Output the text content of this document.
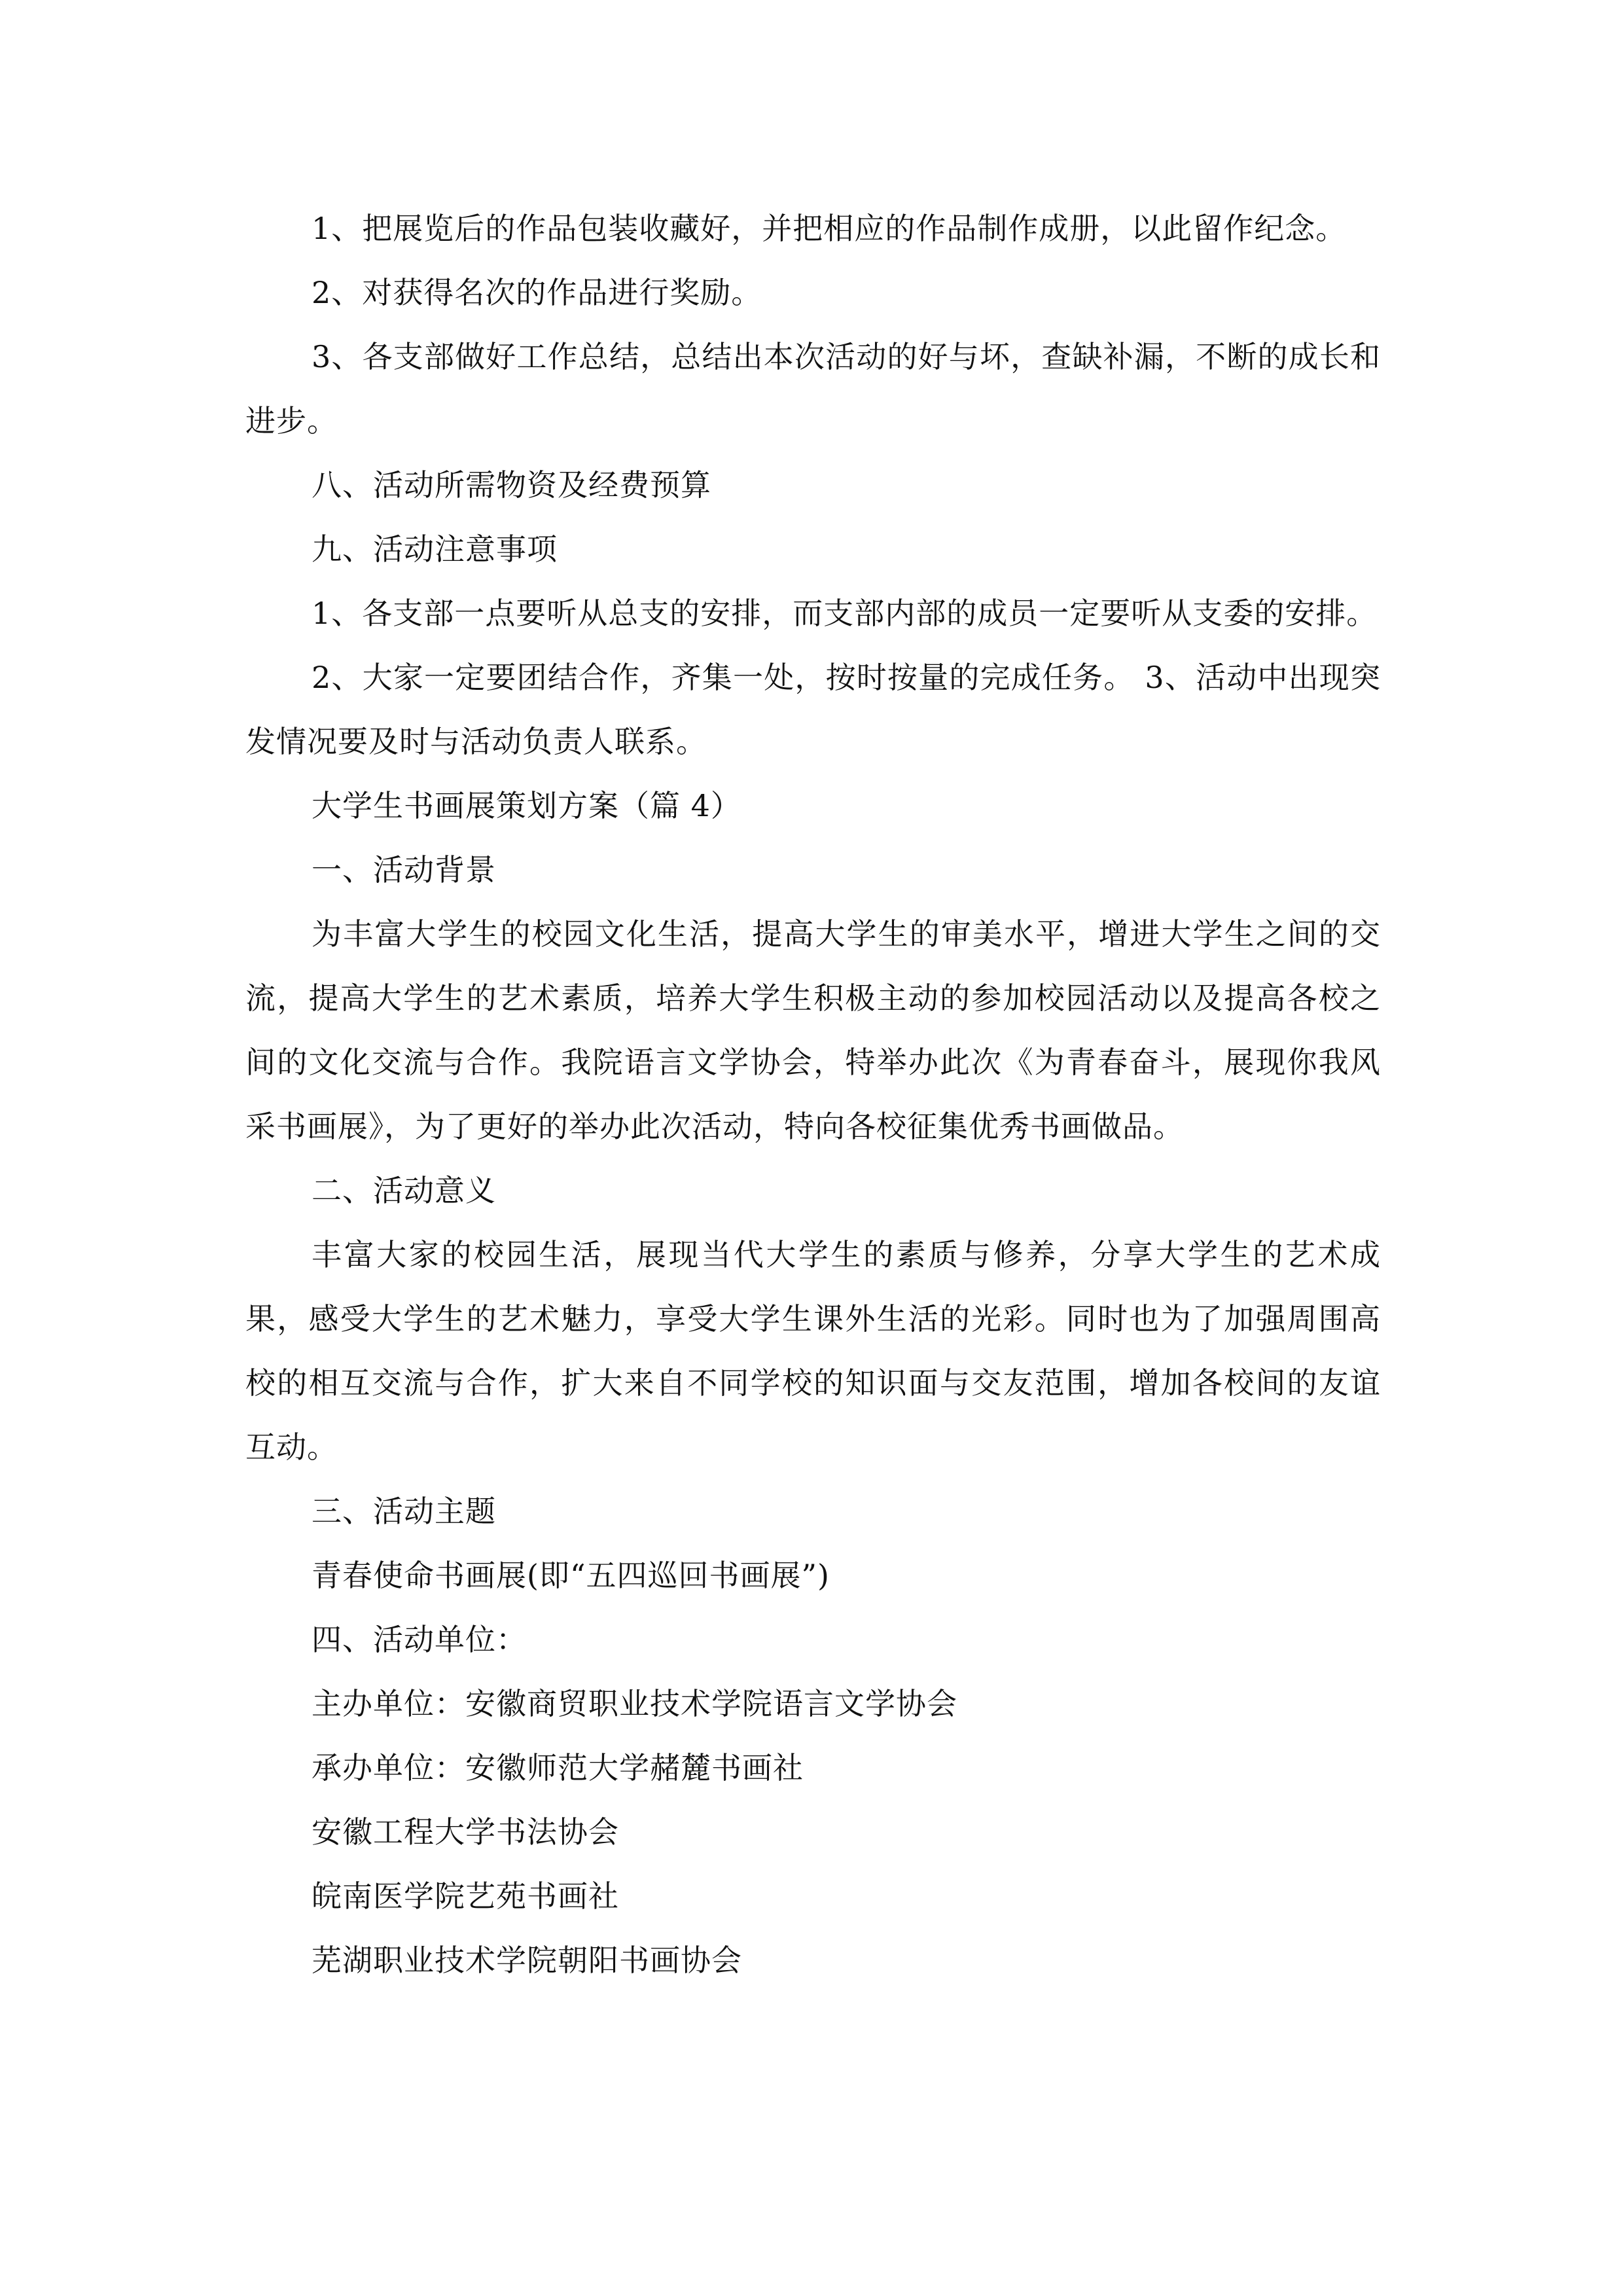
1、把展览后的作品包装收藏好，并把相应的作品制作成册，以此留作纪念。

2、对获得名次的作品进行奖励。

3、各支部做好工作总结，总结出本次活动的好与坏，查缺补漏，不断的成长和进步。

八、活动所需物资及经费预算

九、活动注意事项

1、各支部一点要听从总支的安排，而支部内部的成员一定要听从支委的安排。

2、大家一定要团结合作，齐集一处，按时按量的完成任务。 3、活动中出现突发情况要及时与活动负责人联系。

大学生书画展策划方案（篇 4）

一、活动背景

为丰富大学生的校园文化生活，提高大学生的审美水平，增进大学生之间的交流，提高大学生的艺术素质，培养大学生积极主动的参加校园活动以及提高各校之间的文化交流与合作。我院语言文学协会，特举办此次《为青春奋斗，展现你我风采书画展》，为了更好的举办此次活动，特向各校征集优秀书画做品。

二、活动意义

丰富大家的校园生活，展现当代大学生的素质与修养，分享大学生的艺术成果，感受大学生的艺术魅力，享受大学生课外生活的光彩。同时也为了加强周围高校的相互交流与合作，扩大来自不同学校的知识面与交友范围，增加各校间的友谊互动。

三、活动主题

青春使命书画展(即“五四巡回书画展”)

四、活动单位：

主办单位：安徽商贸职业技术学院语言文学协会

承办单位：安徽师范大学赭麓书画社

安徽工程大学书法协会

皖南医学院艺苑书画社

芜湖职业技术学院朝阳书画协会
